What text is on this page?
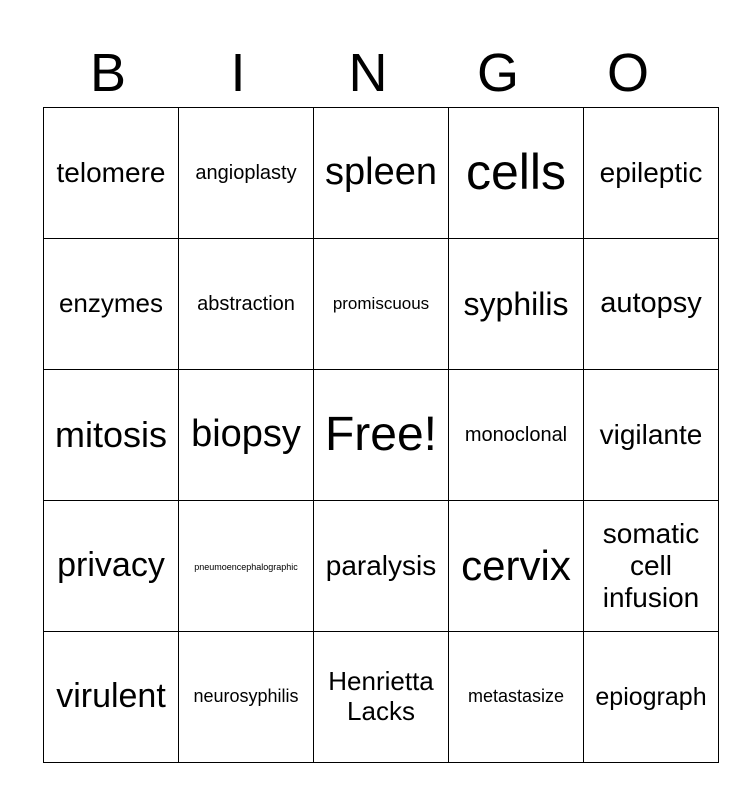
B	I	N	G	O
telomere	angioplasty	spleen	cells	epileptic
enzymes	abstraction	promiscuous	syphilis	autopsy
mitosis	biopsy	Free!	monoclonal	vigilante
privacy	pneumoencephalographic	paralysis	cervix	somatic cell infusion
virulent	neurosyphilis	Henrietta Lacks	metastasize	epiograph
